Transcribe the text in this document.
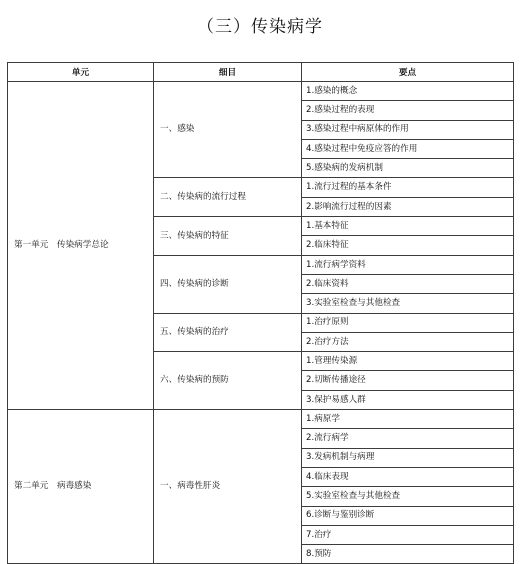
（三）传染病学
单元	细目	要点
第一单元　传染病学总论	一、感染	1.感染的概念
		2.感染过程的表现
		3.感染过程中病原体的作用
		4.感染过程中免疫应答的作用
		5.感染病的发病机制
	二、传染病的流行过程	1.流行过程的基本条件
		2.影响流行过程的因素
	三、传染病的特征	1.基本特征
		2.临床特征
	四、传染病的诊断	1.流行病学资料
		2.临床资料
		3.实验室检查与其他检查
	五、传染病的治疗	1.治疗原则
		2.治疗方法
	六、传染病的预防	1.管理传染源
		2.切断传播途径
		3.保护易感人群
第二单元　病毒感染	一、病毒性肝炎	1.病原学
		2.流行病学
		3.发病机制与病理
		4.临床表现
		5.实验室检查与其他检查
		6.诊断与鉴别诊断
		7.治疗
		8.预防
